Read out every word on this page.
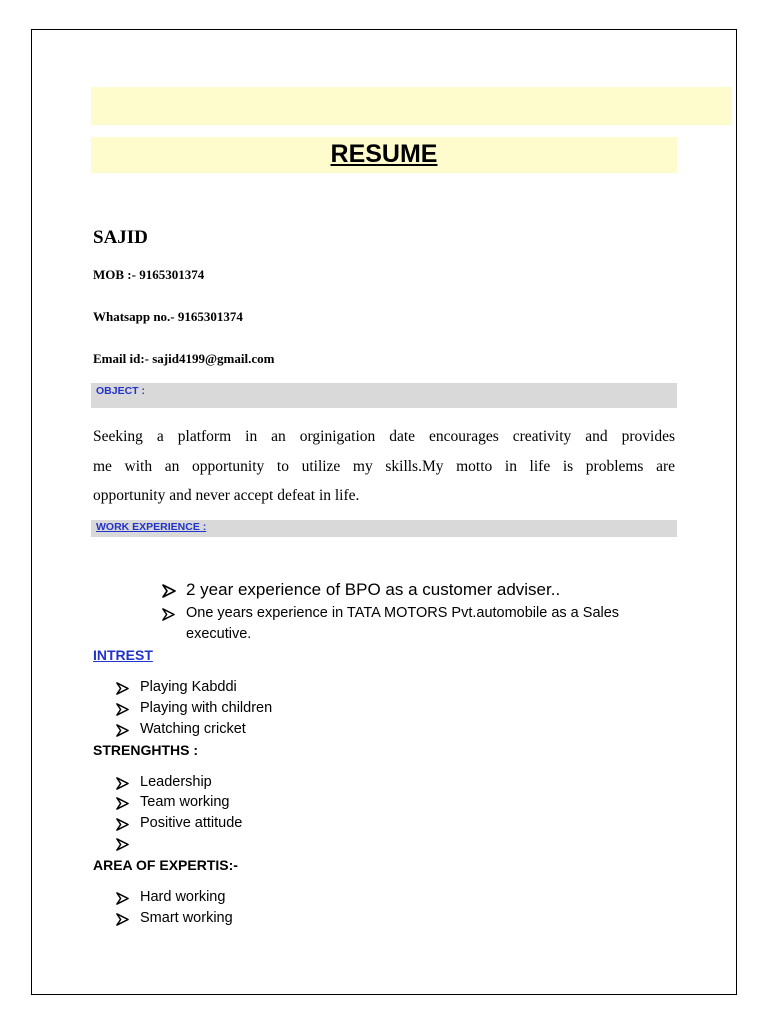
RESUME
SAJID
MOB :- 9165301374
Whatsapp no.- 9165301374
Email id:- sajid4199@gmail.com
OBJECT :
Seeking a platform in an orginigation date encourages creativity and provides
me with an opportunity to utilize my skills.My motto in life is problems are
opportunity and never accept defeat in life.
WORK EXPERIENCE :
2 year experience of BPO as a customer adviser..
One years experience in TATA MOTORS Pvt.automobile as a Sales
executive.
INTREST
Playing Kabddi
Playing with children
Watching cricket
STRENGHTHS :
Leadership
Team working
Positive attitude
AREA OF EXPERTIS:-
Hard working
Smart working
